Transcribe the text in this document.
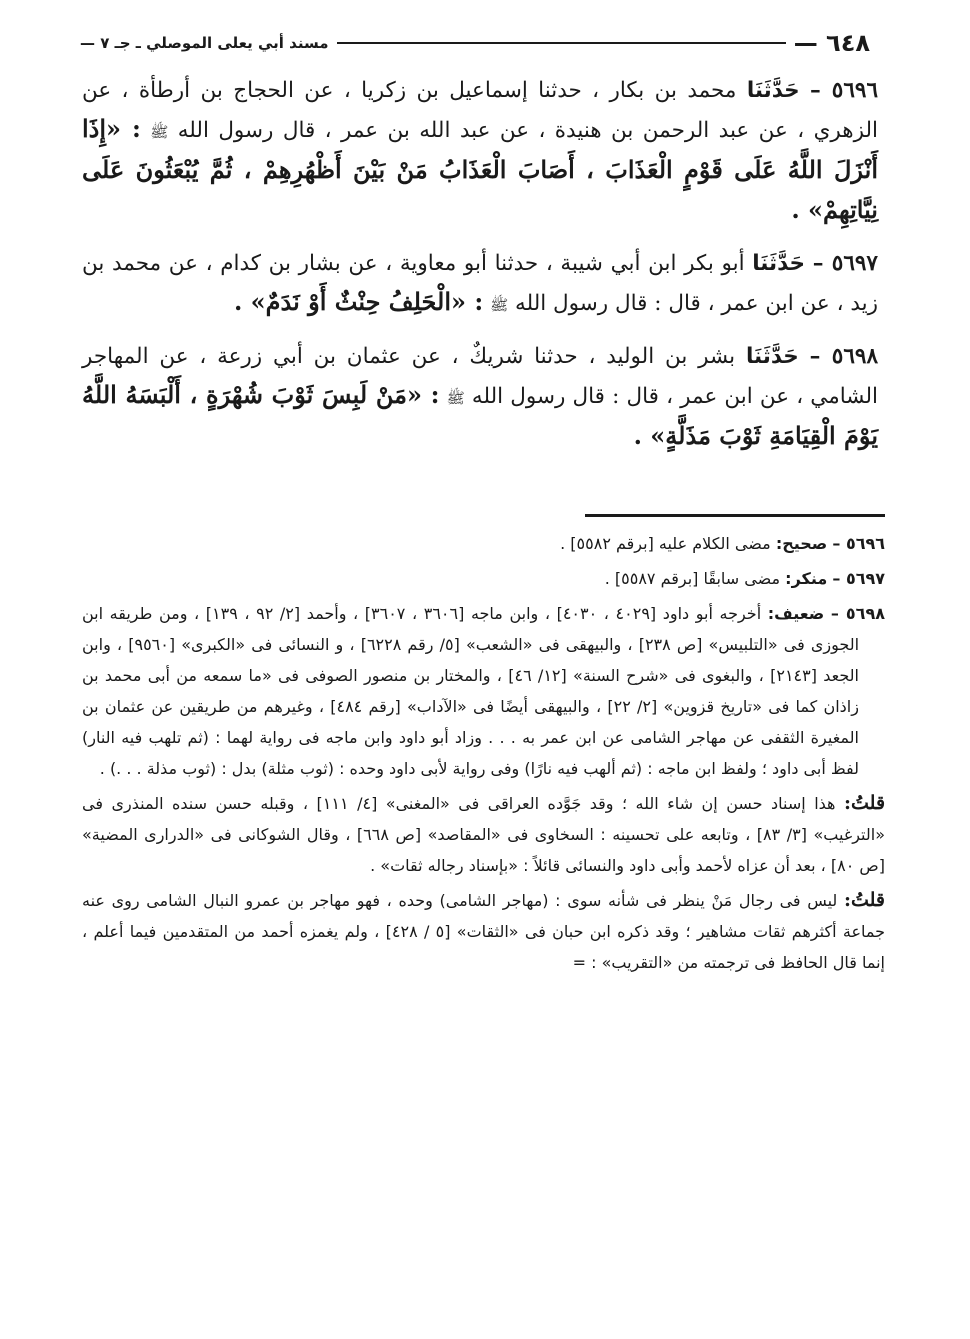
مسند أبي يعلى الموصلي ـ جـ ٧ —	٦٤٨ —

٥٦٩٦ – حَدَّثَنَا محمد بن بكار ، حدثنا إسماعيل بن زكريا ، عن الحجاج بن أرطأة ، عن الزهري ، عن عبد الرحمن بن هنيدة ، عن عبد الله بن عمر ، قال رسول الله ﷺ : «إِذَا أَنْزَلَ اللَّهُ عَلَى قَوْمٍ الْعَذَابَ ، أَصَابَ الْعَذَابُ مَنْ بَيْنَ أَظْهُرِهِمْ ، ثُمَّ يُبْعَثُونَ عَلَى نِيَّاتِهِمْ» .

٥٦٩٧ – حَدَّثَنَا أبو بكر ابن أبي شيبة ، حدثنا أبو معاوية ، عن بشار بن كدام ، عن محمد بن زيد ، عن ابن عمر ، قال : قال رسول الله ﷺ : «الْحَلِفُ حِنْثٌ أَوْ نَدَمٌ» .

٥٦٩٨ – حَدَّثَنَا بشر بن الوليد ، حدثنا شريكٌ ، عن عثمان بن أبي زرعة ، عن المهاجر الشامي ، عن ابن عمر ، قال : قال رسول الله ﷺ : «مَنْ لَبِسَ ثَوْبَ شُهْرَةٍ ، أَلْبَسَهُ اللَّهُ يَوْمَ الْقِيَامَةِ ثَوْبَ مَذَلَّةٍ» .

٥٦٩٦ – صحيح: مضى الكلام عليه [برقم ٥٥٨٢] .

٥٦٩٧ – منكر: مضى سابقًا [برقم ٥٥٨٧] .

٥٦٩٨ – ضعيف: أخرجه أبو داود [٤٠٢٩ ، ٤٠٣٠] ، وابن ماجه [٣٦٠٦ ، ٣٦٠٧] ، وأحمد [٢/ ٩٢ ، ١٣٩] ، ومن طريقه ابن الجوزى فى «التلبيس» [ص ٢٣٨] ، والبيهقى فى «الشعب» [٥/ رقم ٦٢٢٨] ، و النسائى فى «الكبرى» [٩٥٦٠] ، وابن الجعد [٢١٤٣] ، والبغوى فى «شرح السنة» [١٢/ ٤٦] ، والمختار بن منصور الصوفى فى «ما سمعه من أبى محمد بن زاذان كما فى «تاريخ قزوين» [٢/ ٢٢] ، والبيهقى أيضًا فى «الآداب» [رقم ٤٨٤] ، وغيرهم من طريقين عن عثمان بن المغيرة الثقفى عن مهاجر الشامى عن ابن عمر به . . . وزاد أبو داود وابن ماجه فى رواية لهما : (ثم تلهب فيه النار) لفظ أبى داود ؛ ولفظ ابن ماجه : (ثم ألهب فيه نارًا) وفى رواية لأبى داود وحده : (ثوب مثلة) بدل : (ثوب مذلة . . .) .

قلتُ: هذا إسناد حسن إن شاء الله ؛ وقد جَوَّده العراقى فى «المغنى» [٤/ ١١١] ، وقبله حسن سنده المنذرى فى «الترغيب» [٣/ ٨٣] ، وتابعه على تحسينه : السخاوى فى «المقاصد» [ص ٦٦٨] ، وقال الشوكانى فى «الدرارى المضية» [ص ٨٠] ، بعد أن عزاه لأحمد وأبى داود والنسائى قائلاً : «بإسناد رجاله ثقات» .

قلتُ: ليس فى رجال مَنْ ينظر فى شأنه سوى : (مهاجر الشامى) وحده ، فهو مهاجر بن عمرو النبال الشامى روى عنه جماعة أكثرهم ثقات مشاهير ؛ وقد ذكره ابن حبان فى «الثقات» [٥ / ٤٢٨] ، ولم يغمزه أحمد من المتقدمين فيما أعلم ، إنما قال الحافظ فى ترجمته من «التقريب» : =
